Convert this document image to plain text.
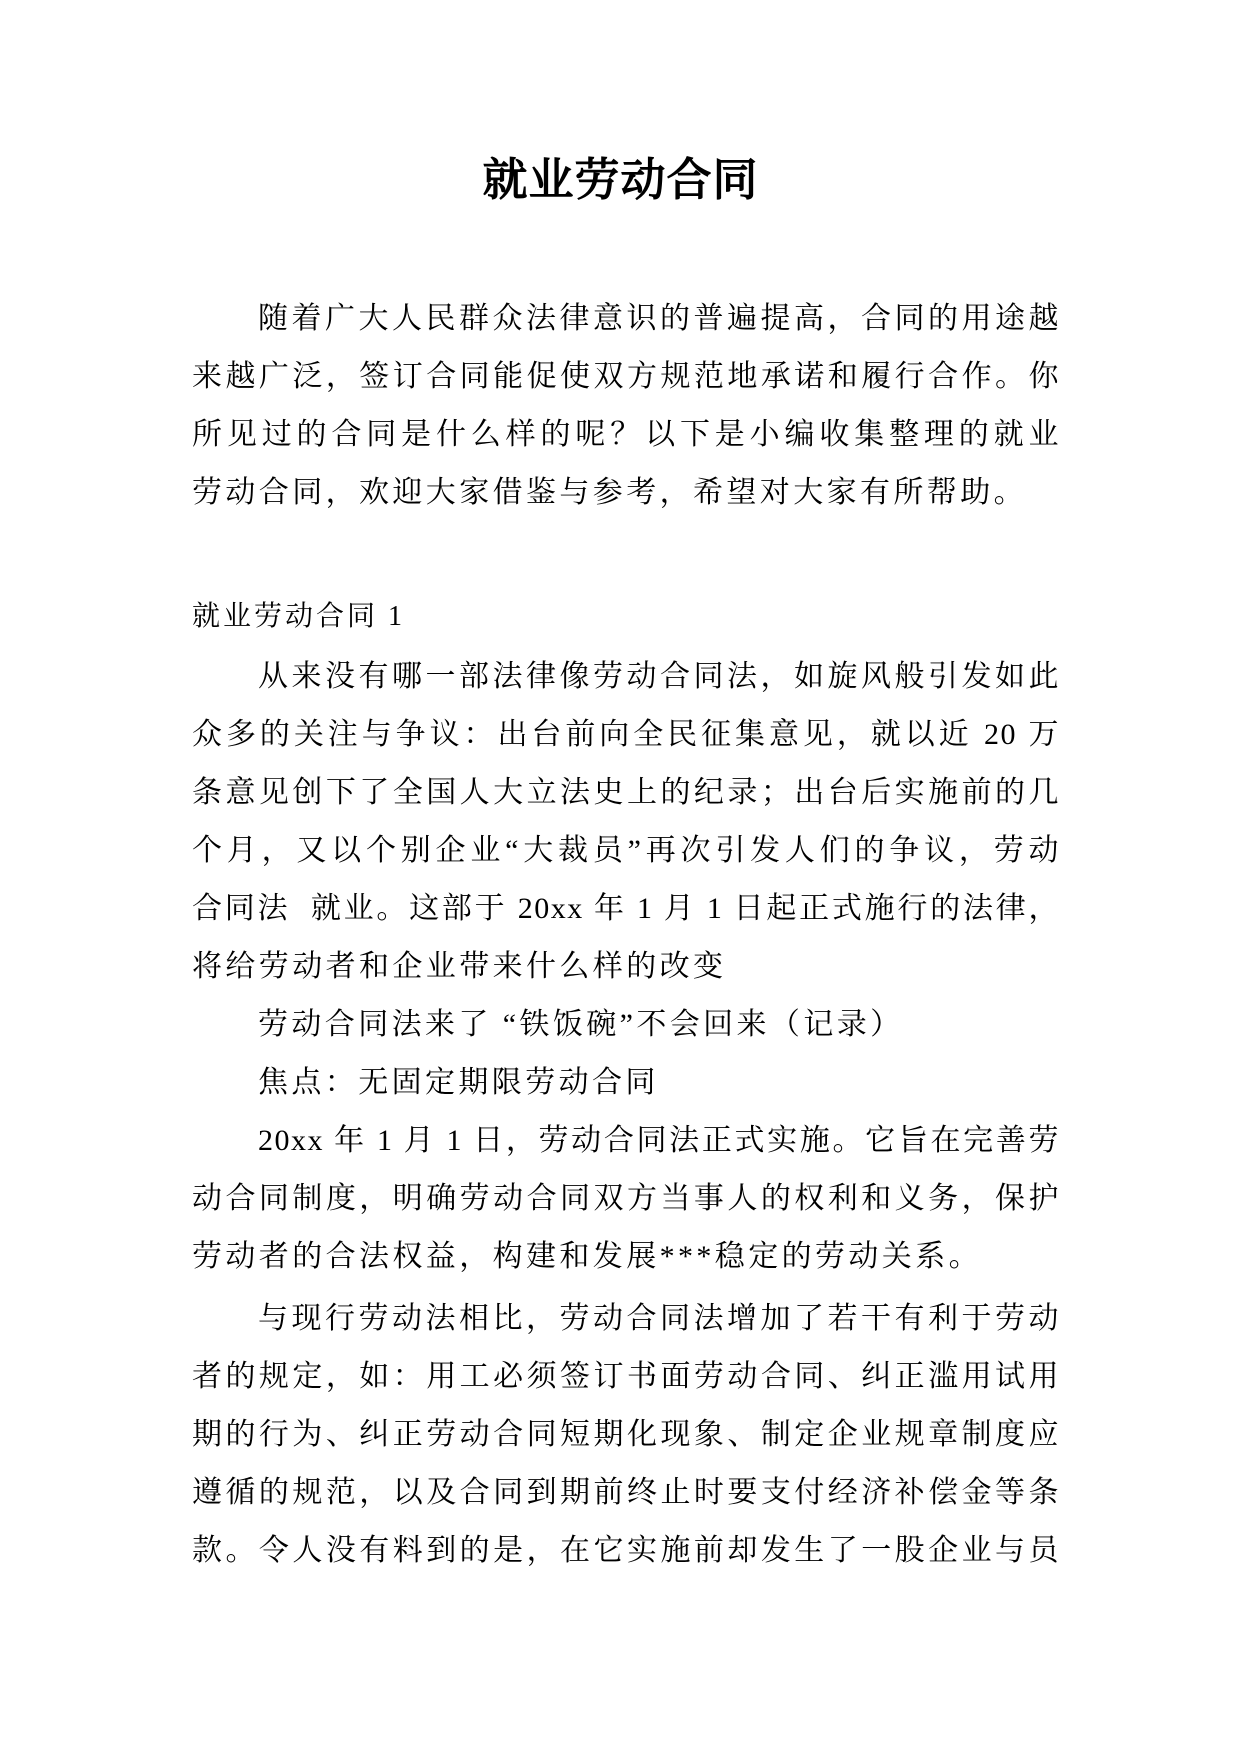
就业劳动合同
随着广大人民群众法律意识的普遍提高，合同的用途越
来越广泛，签订合同能促使双方规范地承诺和履行合作。你
所见过的合同是什么样的呢？以下是小编收集整理的就业
劳动合同，欢迎大家借鉴与参考，希望对大家有所帮助。
就业劳动合同 1
从来没有哪一部法律像劳动合同法，如旋风般引发如此
众多的关注与争议：出台前向全民征集意见，就以近 20 万
条意见创下了全国人大立法史上的纪录；出台后实施前的几
个月，又以个别企业“大裁员”再次引发人们的争议，劳动
合同法  就业。这部于 20xx 年 1 月 1 日起正式施行的法律，
将给劳动者和企业带来什么样的改变
劳动合同法来了 “铁饭碗”不会回来（记录）
焦点：无固定期限劳动合同
20xx 年 1 月 1 日，劳动合同法正式实施。它旨在完善劳
动合同制度，明确劳动合同双方当事人的权利和义务，保护
劳动者的合法权益，构建和发展***稳定的劳动关系。
与现行劳动法相比，劳动合同法增加了若干有利于劳动
者的规定，如：用工必须签订书面劳动合同、纠正滥用试用
期的行为、纠正劳动合同短期化现象、制定企业规章制度应
遵循的规范，以及合同到期前终止时要支付经济补偿金等条
款。令人没有料到的是，在它实施前却发生了一股企业与员
